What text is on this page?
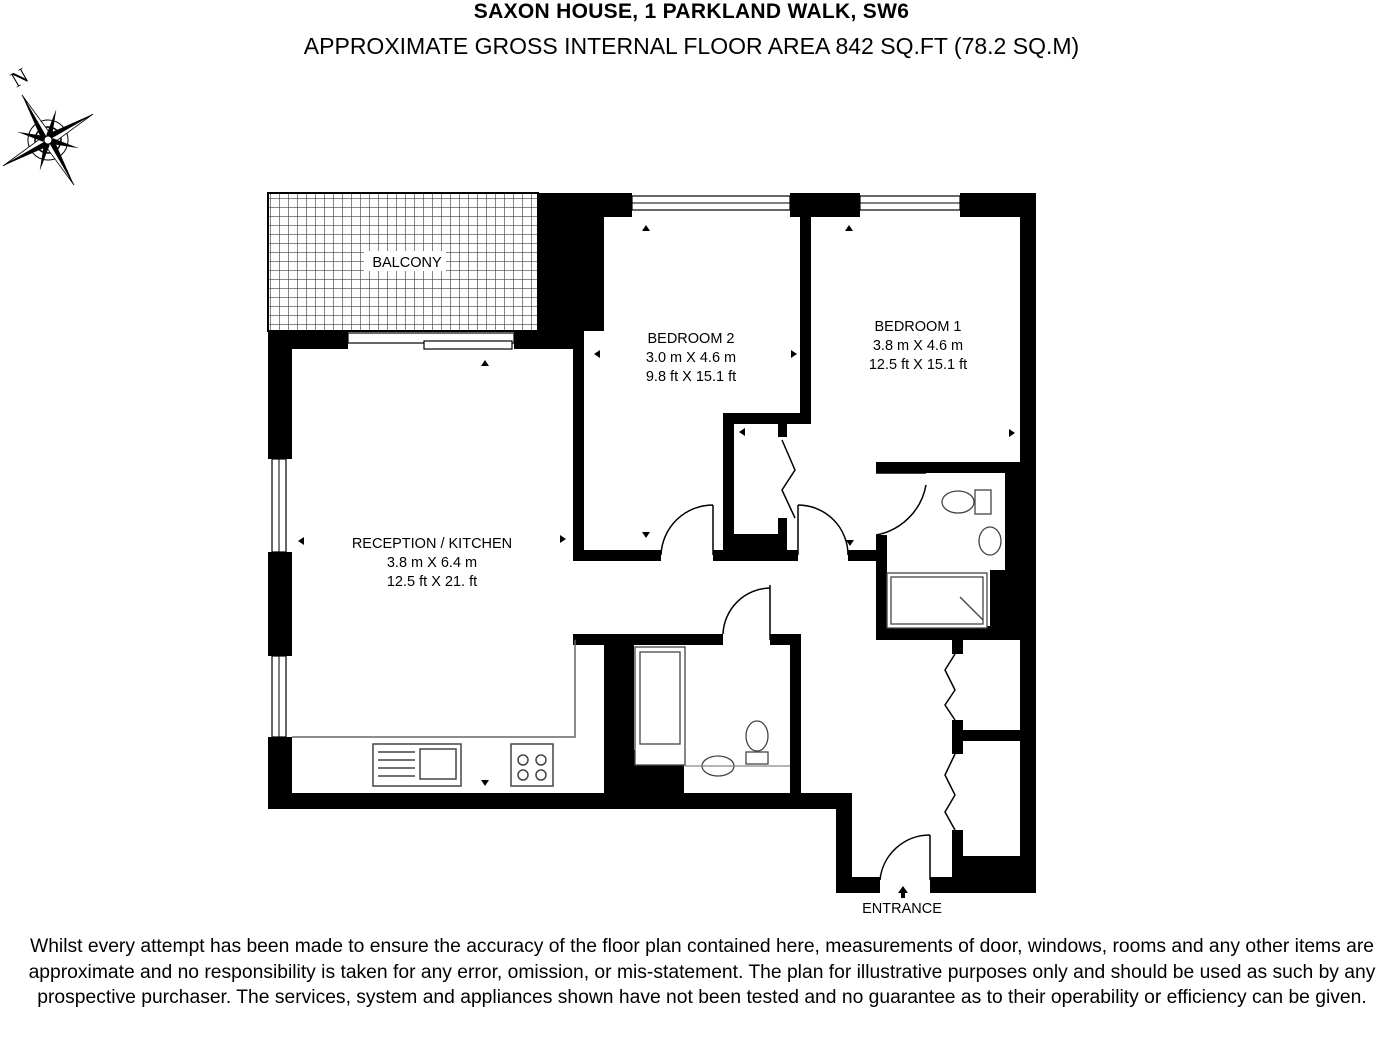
SAXON HOUSE, 1 PARKLAND WALK, SW6
APPROXIMATE GROSS INTERNAL FLOOR AREA 842 SQ.FT (78.2 SQ.M)
N
BALCONY
BEDROOM 2
3.0 m X 4.6 m
9.8 ft X 15.1 ft
BEDROOM 1
3.8 m X 4.6 m
12.5 ft X 15.1 ft
RECEPTION / KITCHEN
3.8 m X 6.4 m
12.5 ft X 21. ft
ENTRANCE
Whilst every attempt has been made to ensure the accuracy of the floor plan contained here, measurements of door, windows, rooms and any other items are approximate and no responsibility is taken for any error, omission, or mis-statement. The plan for illustrative purposes only and should be used as such by any prospective purchaser. The services, system and appliances shown have not been tested and no guarantee as to their operability or efficiency can be given.
